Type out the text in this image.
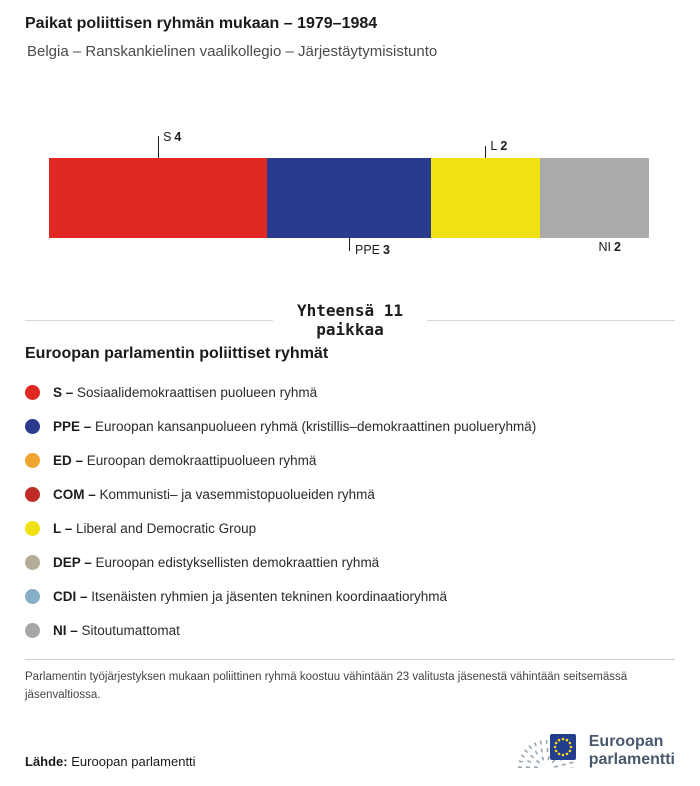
Paikat poliittisen ryhmän mukaan – 1979–1984
Belgia – Ranskankielinen vaalikollegio – Järjestäytymisistunto
S 4
PPE 3
L 2
NI 2
Yhteensä 11
paikkaa
Euroopan parlamentin poliittiset ryhmät
S – Sosiaalidemokraattisen puolueen ryhmä
PPE – Euroopan kansanpuolueen ryhmä (kristillis–demokraattinen puolueryhmä)
ED – Euroopan demokraattipuolueen ryhmä
COM – Kommunisti– ja vasemmistopuolueiden ryhmä
L – Liberal and Democratic Group
DEP – Euroopan edistyksellisten demokraattien ryhmä
CDI – Itsenäisten ryhmien ja jäsenten tekninen koordinaatioryhmä
NI – Sitoutumattomat

Parlamentin työjärjestyksen mukaan poliittinen ryhmä koostuu vähintään 23 valitusta jäsenestä vähintään seitsemässä jäsenvaltiossa.

Lähde: Euroopan parlamentti

Euroopan
parlamentti
